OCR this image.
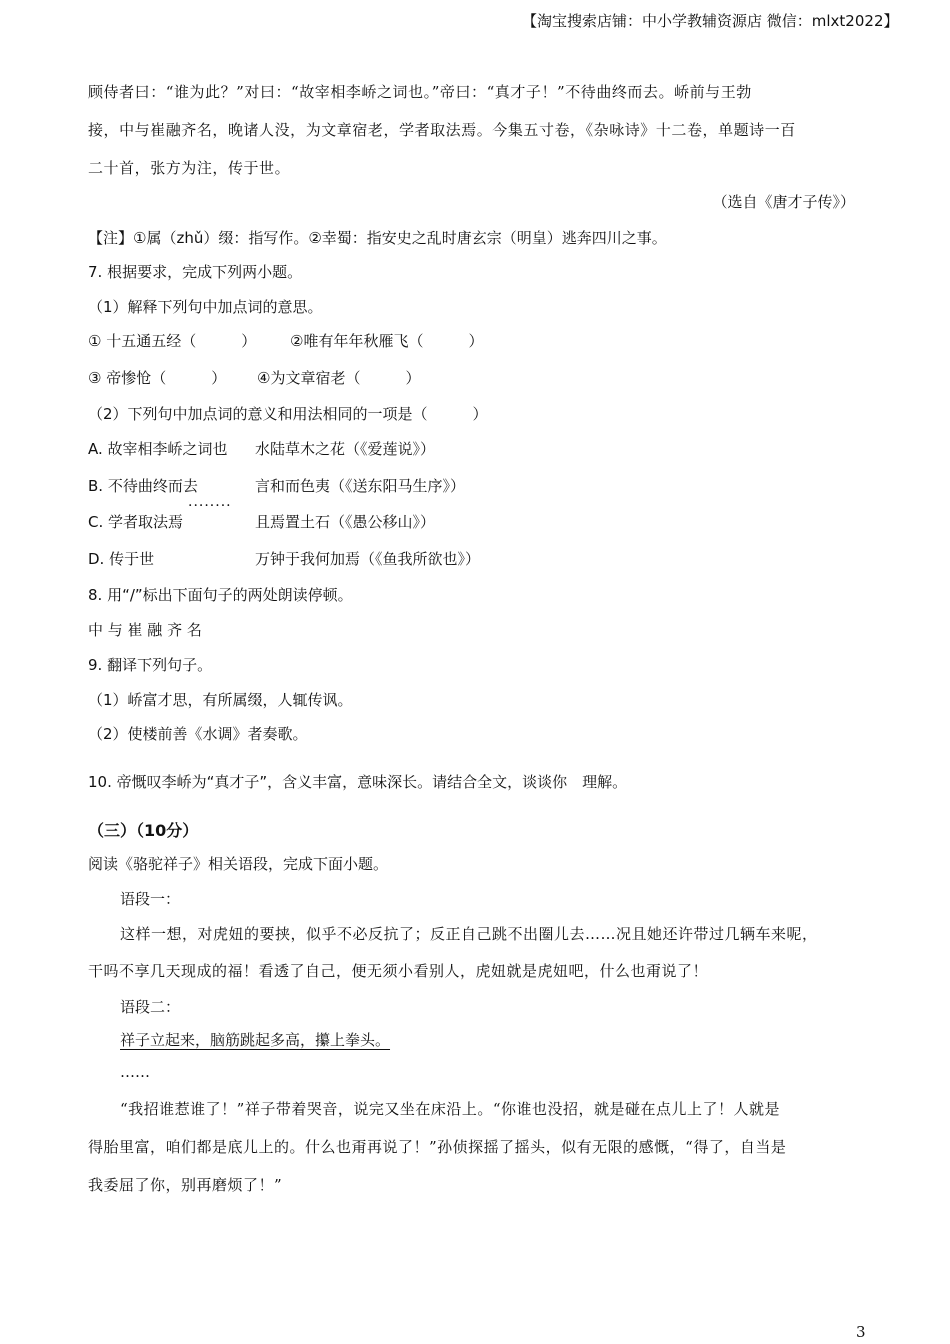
【淘宝搜索店铺：中小学教辅资源店 微信：mlxt2022】
顾侍者曰：“谁为此？”对曰：“故宰相李峤之词也。”帝曰：“真才子！”不待曲终而去。峤前与王勃
接，中与崔融齐名，晚诸人没，为文章宿老，学者取法焉。今集五寸卷，《杂咏诗》十二卷，单题诗一百
二十首，张方为注，传于世。
（选自《唐才子传》）
【注】①属（zhǔ）缀：指写作。②幸蜀：指安史之乱时唐玄宗（明皇）逃奔四川之事。
7. 根据要求，完成下列两小题。
（1）解释下列句中加点词的意思。
① 十五通五经（　　　） ②唯有年年秋雁飞（　　　）
③ 帝惨怆（　　　） ④为文章宿老（　　　）
（2）下列句中加点词的意义和用法相同的一项是（　　　）
A. 故宰相李峤之词也 水陆草木之花（《爱莲说》）
B. 不待曲终而去	言和而色夷（《送东阳马生序》）
········
C. 学者取法焉	且焉置土石（《愚公移山》）
D. 传于世	万钟于我何加焉（《鱼我所欲也》）
8. 用“/”标出下面句子的两处朗读停顿。
中 与 崔 融 齐 名
9. 翻译下列句子。
（1）峤富才思，有所属缀，人辄传讽。
（2）使楼前善《水调》者奏歌。
10. 帝慨叹李峤为“真才子”，含义丰富，意味深长。请结合全文，谈谈你　理解。
（三）（10分）
阅读《骆驼祥子》相关语段，完成下面小题。
语段一：
这样一想，对虎妞的要挟，似乎不必反抗了；反正自己跳不出圈儿去……况且她还许带过几辆车来呢，
干吗不享几天现成的福！看透了自己，便无须小看别人，虎妞就是虎妞吧，什么也甭说了！
语段二：
祥子立起来，脑筋跳起多高，攥上拳头。
……
“我招谁惹谁了！”祥子带着哭音，说完又坐在床沿上。“你谁也没招，就是碰在点儿上了！人就是
得胎里富，咱们都是底儿上的。什么也甭再说了！”孙侦探摇了摇头，似有无限的感慨，“得了，自当是
我委屈了你，别再磨烦了！”
3
